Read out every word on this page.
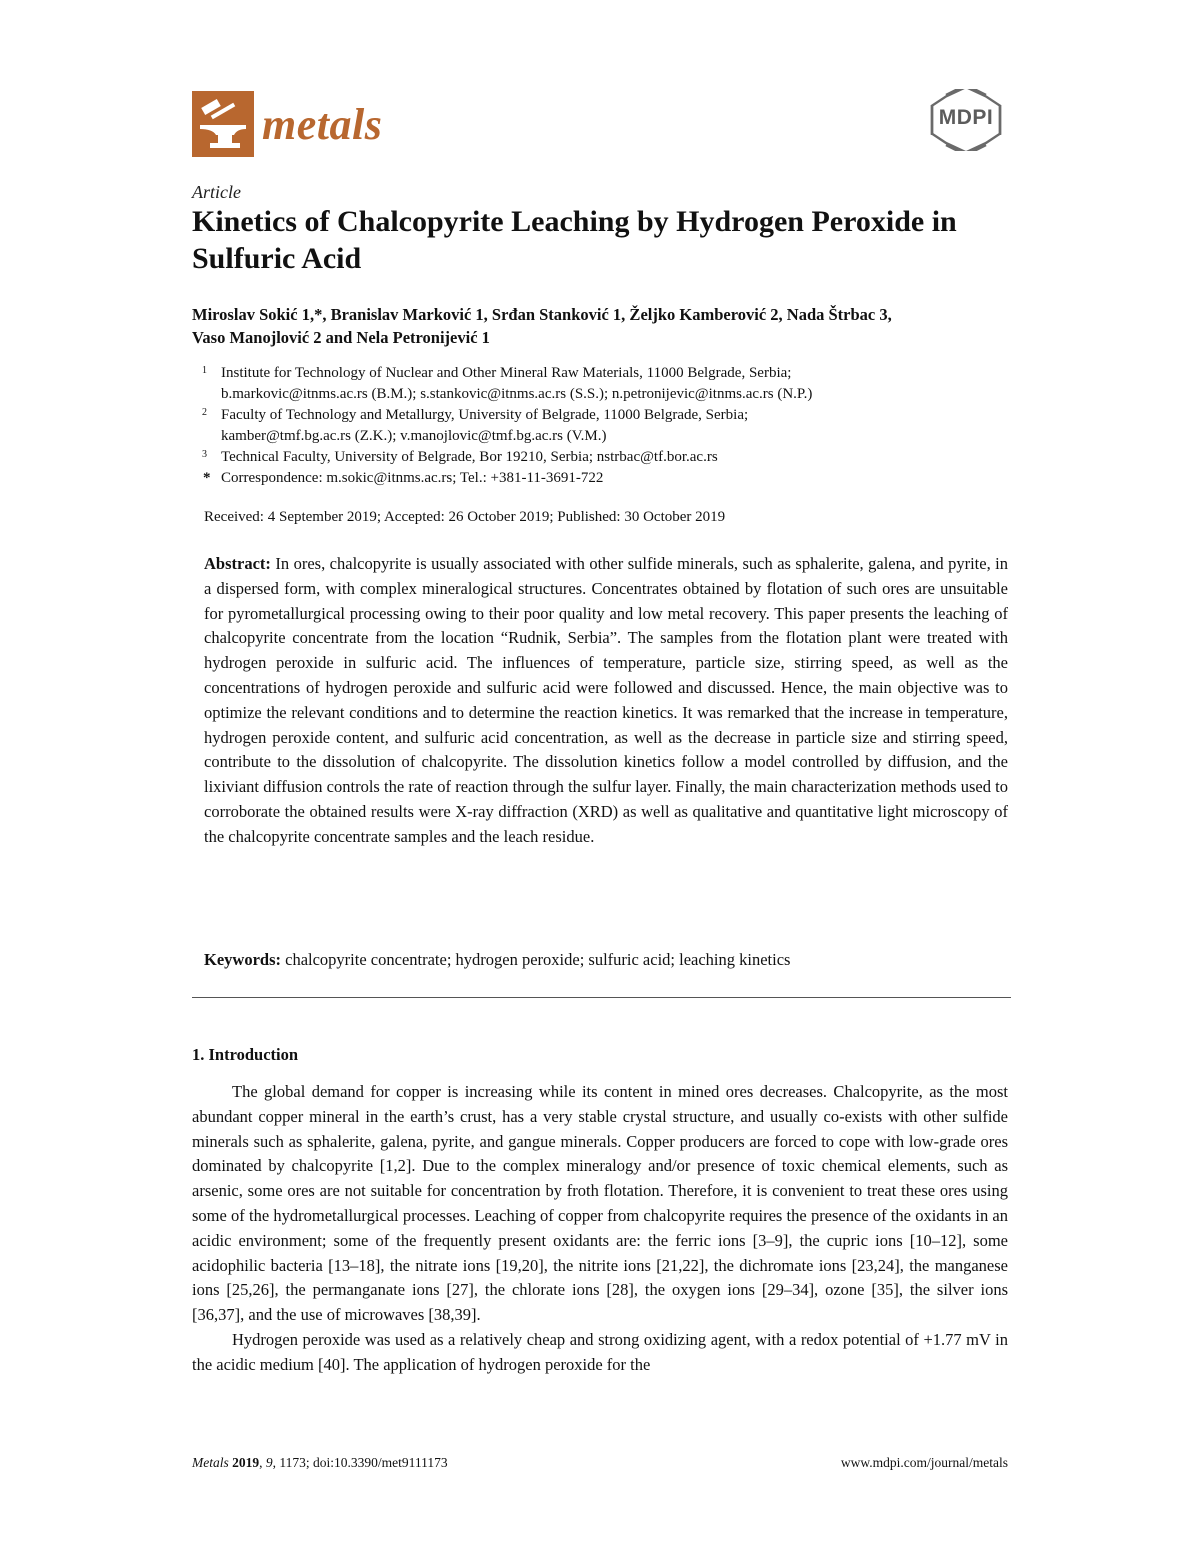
metals	MDPI
Article
Kinetics of Chalcopyrite Leaching by Hydrogen Peroxide in Sulfuric Acid
Miroslav Sokić 1,*, Branislav Marković 1, Srđan Stanković 1, Željko Kamberović 2, Nada Štrbac 3,
Vaso Manojlović 2 and Nela Petronijević 1
1 Institute for Technology of Nuclear and Other Mineral Raw Materials, 11000 Belgrade, Serbia;
b.markovic@itnms.ac.rs (B.M.); s.stankovic@itnms.ac.rs (S.S.); n.petronijevic@itnms.ac.rs (N.P.)
2 Faculty of Technology and Metallurgy, University of Belgrade, 11000 Belgrade, Serbia;
kamber@tmf.bg.ac.rs (Z.K.); v.manojlovic@tmf.bg.ac.rs (V.M.)
3 Technical Faculty, University of Belgrade, Bor 19210, Serbia; nstrbac@tf.bor.ac.rs
* Correspondence: m.sokic@itnms.ac.rs; Tel.: +381-11-3691-722
Received: 4 September 2019; Accepted: 26 October 2019; Published: 30 October 2019
Abstract: In ores, chalcopyrite is usually associated with other sulfide minerals, such as sphalerite, galena, and pyrite, in a dispersed form, with complex mineralogical structures. Concentrates obtained by flotation of such ores are unsuitable for pyrometallurgical processing owing to their poor quality and low metal recovery. This paper presents the leaching of chalcopyrite concentrate from the location “Rudnik, Serbia”. The samples from the flotation plant were treated with hydrogen peroxide in sulfuric acid. The influences of temperature, particle size, stirring speed, as well as the concentrations of hydrogen peroxide and sulfuric acid were followed and discussed. Hence, the main objective was to optimize the relevant conditions and to determine the reaction kinetics. It was remarked that the increase in temperature, hydrogen peroxide content, and sulfuric acid concentration, as well as the decrease in particle size and stirring speed, contribute to the dissolution of chalcopyrite. The dissolution kinetics follow a model controlled by diffusion, and the lixiviant diffusion controls the rate of reaction through the sulfur layer. Finally, the main characterization methods used to corroborate the obtained results were X-ray diffraction (XRD) as well as qualitative and quantitative light microscopy of the chalcopyrite concentrate samples and the leach residue.
Keywords: chalcopyrite concentrate; hydrogen peroxide; sulfuric acid; leaching kinetics
1. Introduction

The global demand for copper is increasing while its content in mined ores decreases. Chalcopyrite, as the most abundant copper mineral in the earth’s crust, has a very stable crystal structure, and usually co-exists with other sulfide minerals such as sphalerite, galena, pyrite, and gangue minerals. Copper producers are forced to cope with low-grade ores dominated by chalcopyrite [1,2]. Due to the complex mineralogy and/or presence of toxic chemical elements, such as arsenic, some ores are not suitable for concentration by froth flotation. Therefore, it is convenient to treat these ores using some of the hydrometallurgical processes. Leaching of copper from chalcopyrite requires the presence of the oxidants in an acidic environment; some of the frequently present oxidants are: the ferric ions [3–9], the cupric ions [10–12], some acidophilic bacteria [13–18], the nitrate ions [19,20], the nitrite ions [21,22], the dichromate ions [23,24], the manganese ions [25,26], the permanganate ions [27], the chlorate ions [28], the oxygen ions [29–34], ozone [35], the silver ions [36,37], and the use of microwaves [38,39].

Hydrogen peroxide was used as a relatively cheap and strong oxidizing agent, with a redox potential of +1.77 mV in the acidic medium [40]. The application of hydrogen peroxide for the

Metals 2019, 9, 1173; doi:10.3390/met9111173	www.mdpi.com/journal/metals
